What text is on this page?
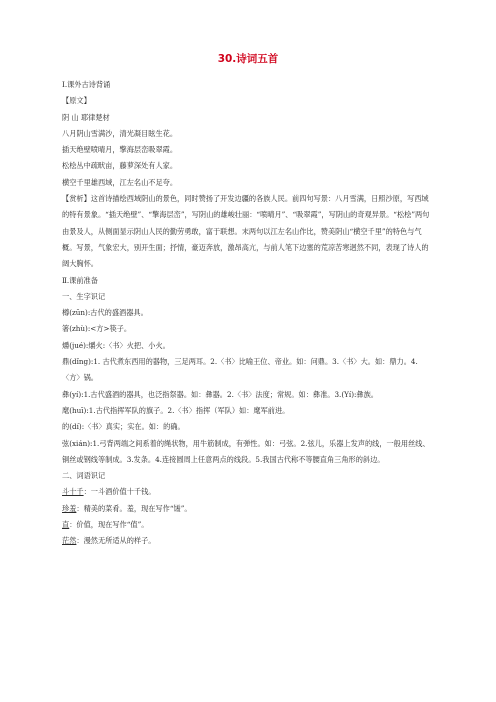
30.诗词五首
Ⅰ.课外古诗背诵
【原文】
阴 山 耶律楚材
八月阴山雪满沙，清光凝目眩生花。
插天绝壁喷晴月，擎海层峦吸翠霞。
松桧丛中疏畎亩，藤萝深处有人家。
横空千里雄西域，江左名山不足夸。
【赏析】这首诗描绘西域阴山的景色，同时赞扬了开发边疆的各族人民。前四句写景：八月雪满，日照沙原，写西域的特有景象。“插天绝壁”、“擎海层峦”，写阴山的雄峻壮丽：“喷晴月”、“吸翠霞”，写阴山的奇观异景。“松桧”两句由景及人，从侧面显示阴山人民的勤劳勇敢，富于联想。末两句以江左名山作比，赞美阴山“横空千里”的特色与气概。写景，气象宏大，别开生面；抒情，豪迈奔放，激昂高亢，与前人笔下边塞的荒凉苦寒迥然不同，表现了诗人的阔大胸怀。
Ⅱ.课前准备
一、生字识记
樽(zūn):古代的盛酒器具。
箸(zhù):<方>筷子。
爝(jué):爝火:〈书〉火把、小火。
鼎(dǐng):1. 古代煮东西用的器物，三足两耳。2.〈书〉比喻王位、帝业。如：问鼎。3.〈书〉大。如：鼎力。4.〈方〉锅。
彝(yí):1.古代盛酒的器具，也泛指祭器。如：彝器。2.〈书〉法度；常规。如：彝准。3.(Yí):彝族。
麾(huī):1.古代指挥军队的旗子。2.〈书〉指挥（军队）如：麾军前进。
的(dí):〈书〉真实；实在。如：的确。
弦(xián):1.弓背两端之间系着的绳状物，用牛筋制成，有弹性。如：弓弦。2.弦儿，乐器上发声的线，一般用丝线、铜丝或钢线等制成。3.发条。4.连接圆周上任意两点的线段。5.我国古代称不等腰直角三角形的斜边。
二、词语识记
斗十千：一斗酒价值十千钱。
珍羞：精美的菜肴。羞，现在写作“馐”。
直：价值，现在写作“值”。
茫然：漫然无所适从的样子。
